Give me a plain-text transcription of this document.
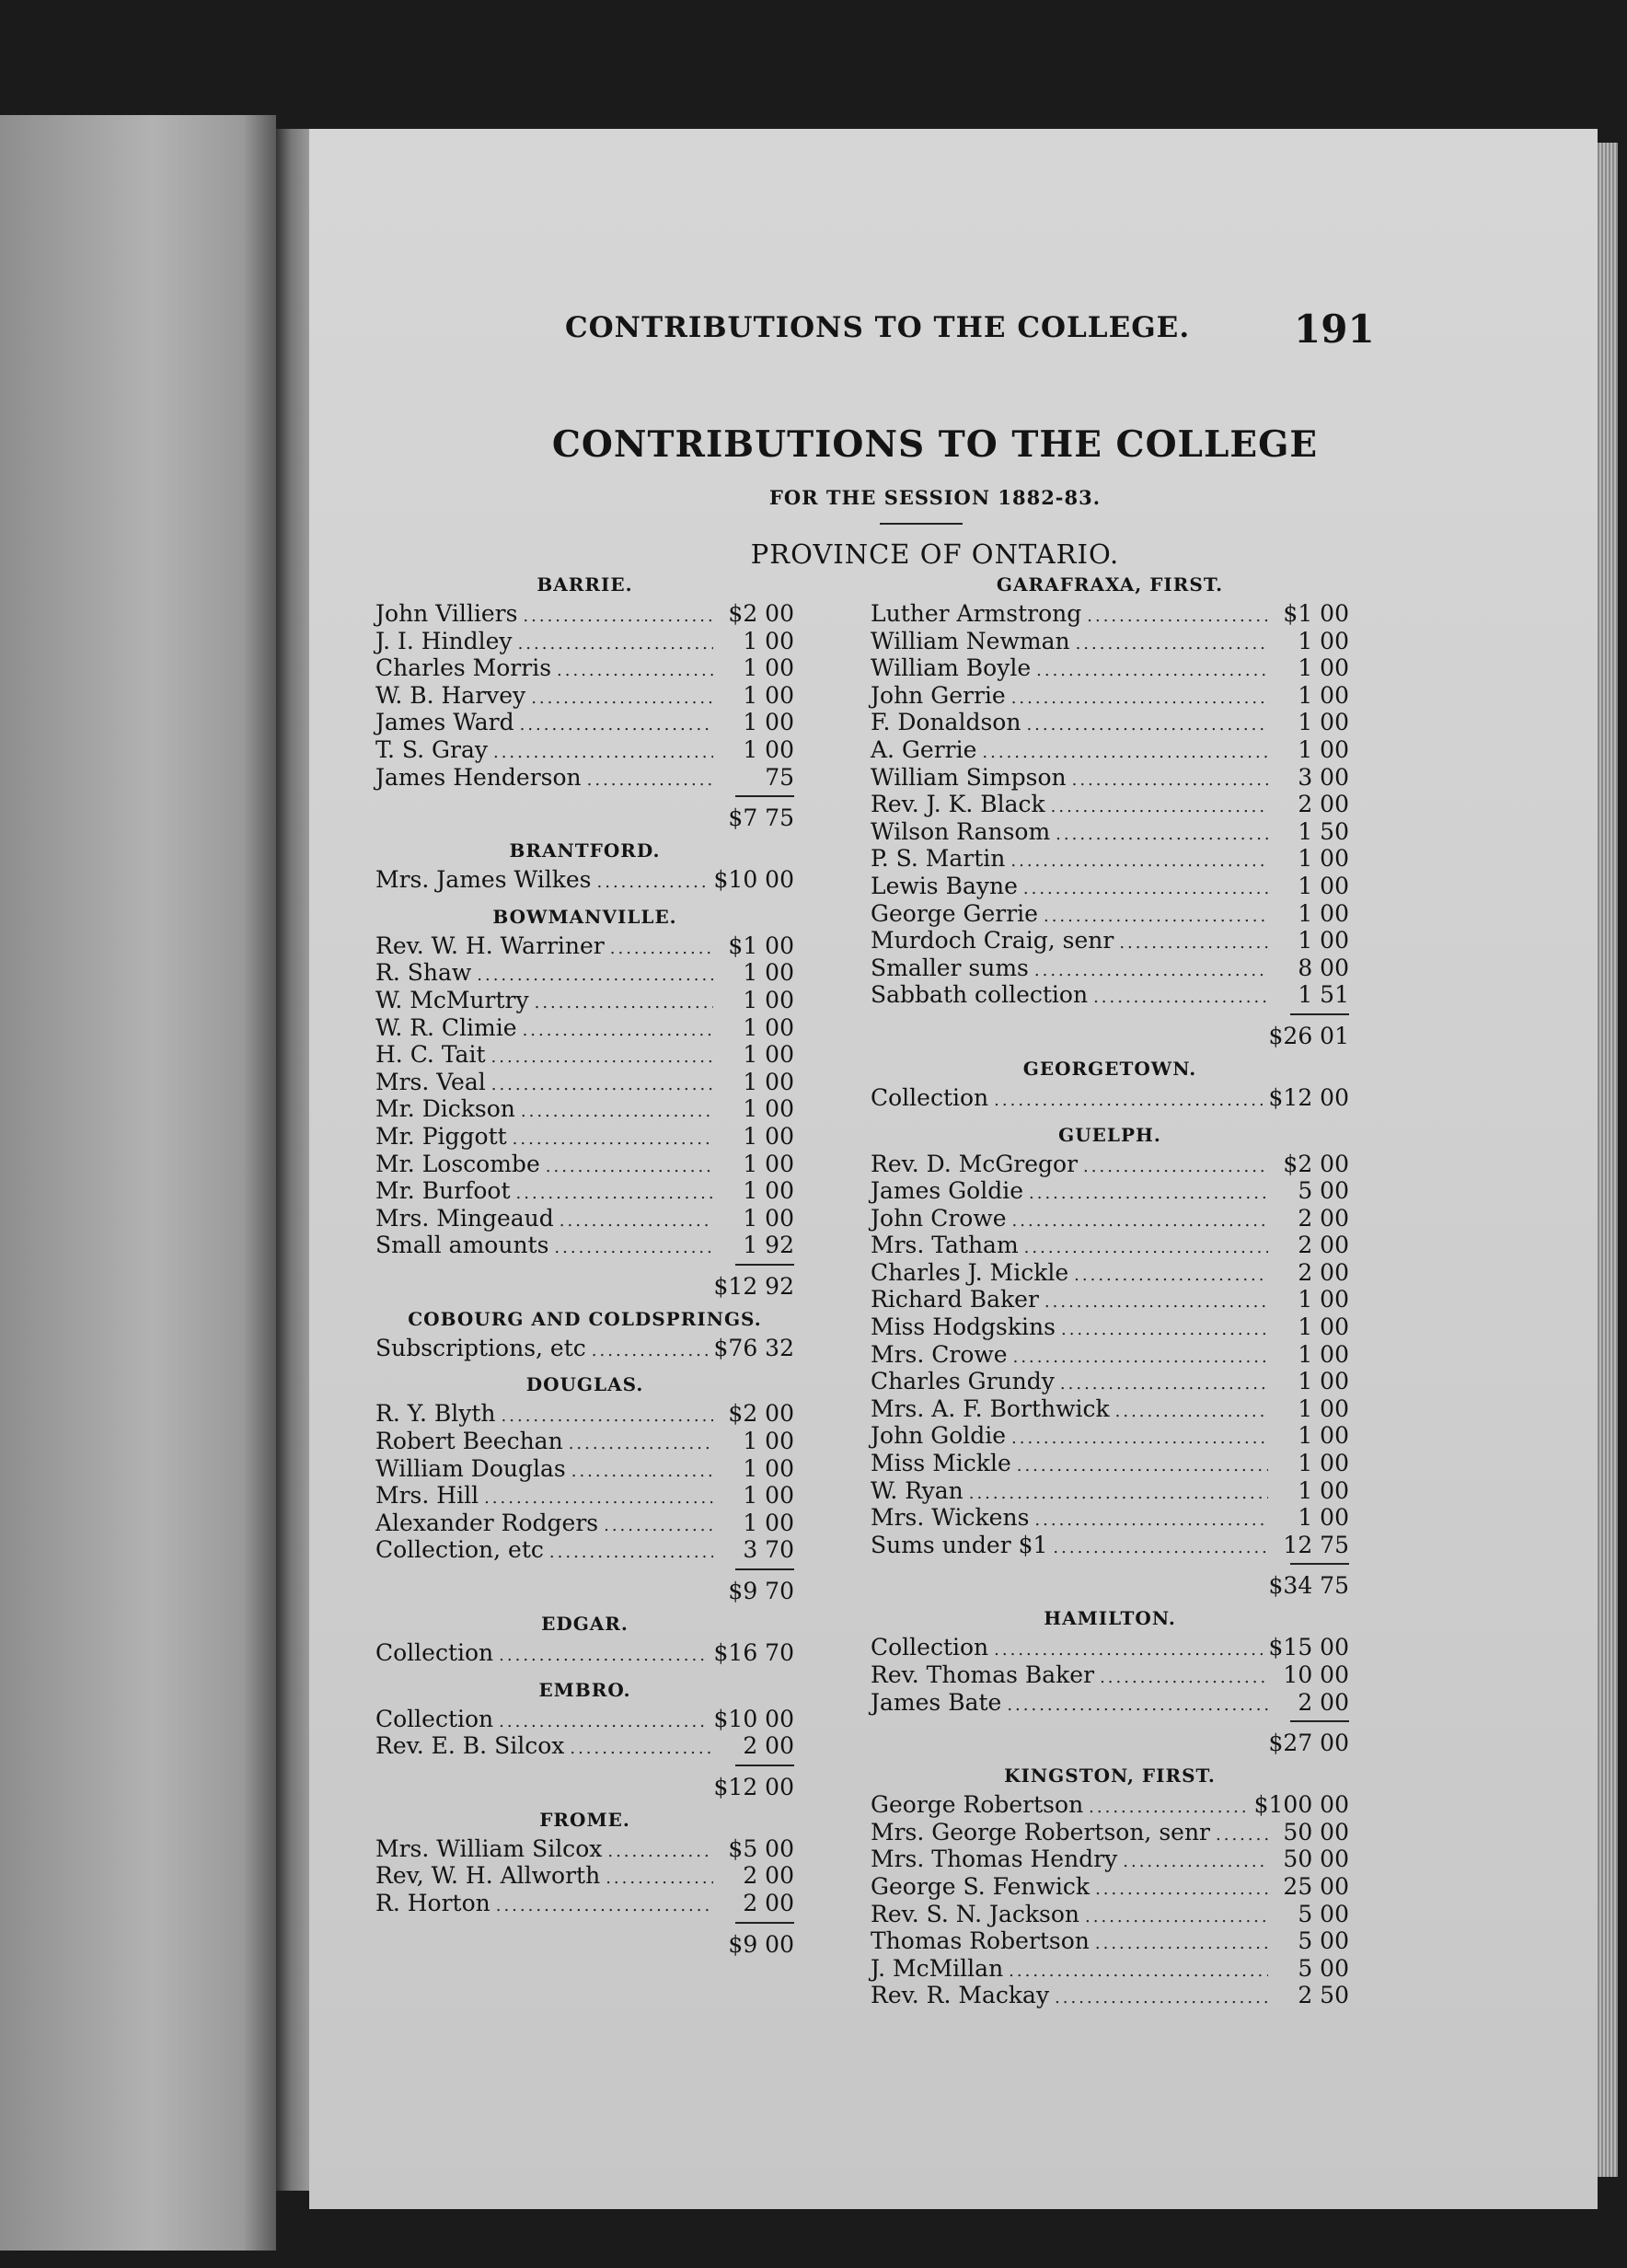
CONTRIBUTIONS TO THE COLLEGE.	191
CONTRIBUTIONS TO THE COLLEGE
FOR THE SESSION 1882-83.
PROVINCE OF ONTARIO.
BARRIE.
John Villiers .....	$2 00
J. I. Hindley .....	1 00
Charles Morris .....	1 00
W. B. Harvey .....	1 00
James Ward .....	1 00
T. S. Gray .....	1 00
James Henderson .....	75
$7 75
BRANTFORD.
Mrs. James Wilkes .....	$10 00
BOWMANVILLE.
Rev. W. H. Warriner .....	$1 00
R. Shaw .....	1 00
W. McMurtry .....	1 00
W. R. Climie .....	1 00
H. C. Tait .....	1 00
Mrs. Veal .....	1 00
Mr. Dickson .....	1 00
Mr. Piggott .....	1 00
Mr. Loscombe .....	1 00
Mr. Burfoot .....	1 00
Mrs. Mingeaud .....	1 00
Small amounts .....	1 92
$12 92
COBOURG AND COLDSPRINGS.
Subscriptions, etc .....	$76 32
DOUGLAS.
R. Y. Blyth .....	$2 00
Robert Beechan .....	1 00
William Douglas .....	1 00
Mrs. Hill .....	1 00
Alexander Rodgers .....	1 00
Collection, etc .....	3 70
$9 70
EDGAR.
Collection .....	$16 70
EMBRO.
Collection .....	$10 00
Rev. E. B. Silcox .....	2 00
$12 00
FROME.
Mrs. William Silcox .....	$5 00
Rev, W. H. Allworth .....	2 00
R. Horton .....	2 00
$9 00
GARAFRAXA, FIRST.
Luther Armstrong .....	$1 00
William Newman .....	1 00
William Boyle .....	1 00
John Gerrie .....	1 00
F. Donaldson .....	1 00
A. Gerrie .....	1 00
William Simpson .....	3 00
Rev. J. K. Black .....	2 00
Wilson Ransom .....	1 50
P. S. Martin .....	1 00
Lewis Bayne .....	1 00
George Gerrie .....	1 00
Murdoch Craig, senr .....	1 00
Smaller sums .....	8 00
Sabbath collection .....	1 51
$26 01
GEORGETOWN.
Collection .....	$12 00
GUELPH.
Rev. D. McGregor .....	$2 00
James Goldie .....	5 00
John Crowe .....	2 00
Mrs. Tatham .....	2 00
Charles J. Mickle .....	2 00
Richard Baker .....	1 00
Miss Hodgskins .....	1 00
Mrs. Crowe .....	1 00
Charles Grundy .....	1 00
Mrs. A. F. Borthwick .....	1 00
John Goldie .....	1 00
Miss Mickle .....	1 00
W. Ryan .....	1 00
Mrs. Wickens .....	1 00
Sums under $1 .....	12 75
$34 75
HAMILTON.
Collection .....	$15 00
Rev. Thomas Baker .....	10 00
James Bate .....	2 00
$27 00
KINGSTON, FIRST.
George Robertson .....	$100 00
Mrs. George Robertson, senr .....	50 00
Mrs. Thomas Hendry .....	50 00
George S. Fenwick .....	25 00
Rev. S. N. Jackson .....	5 00
Thomas Robertson .....	5 00
J. McMillan .....	5 00
Rev. R. Mackay .....	2 50
